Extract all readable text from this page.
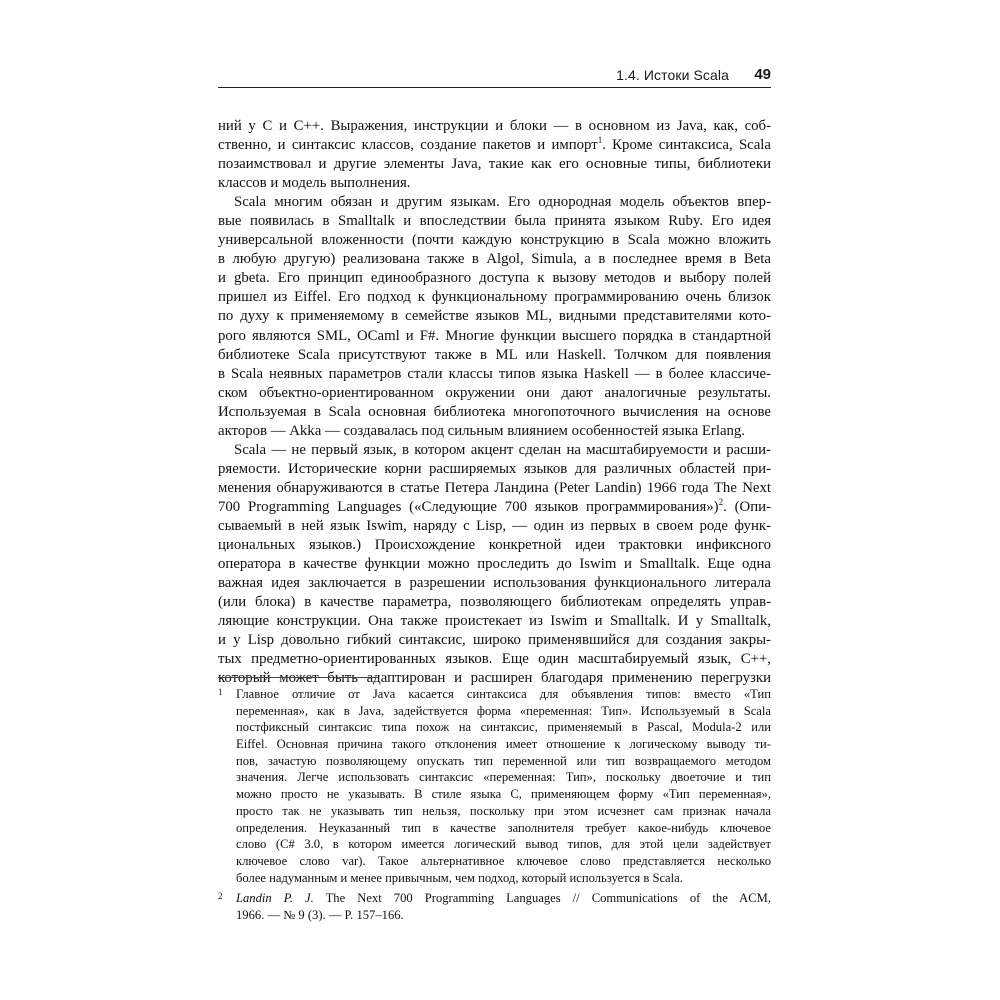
1.4. Истоки Scala 49
ний у C и C++. Выражения, инструкции и блоки — в основном из Java, как, соб-
ственно, и синтаксис классов, создание пакетов и импорт$^1$. Кроме синтаксиса, Scala
позаимствовал и другие элементы Java, такие как его основные типы, библиотеки
классов и модель выполнения.
Scala многим обязан и другим языкам. Его однородная модель объектов впер-
вые появилась в Smalltalk и впоследствии была принята языком Ruby. Его идея
универсальной вложенности (почти каждую конструкцию в Scala можно вложить
в любую другую) реализована также в Algol, Simula, а в последнее время в Beta
и gbeta. Его принцип единообразного доступа к вызову методов и выбору полей
пришел из Eiffel. Его подход к функциональному программированию очень близок
по духу к применяемому в семействе языков ML, видными представителями кото-
рого являются SML, OCaml и F#. Многие функции высшего порядка в стандартной
библиотеке Scala присутствуют также в ML или Haskell. Толчком для появления
в Scala неявных параметров стали классы типов языка Haskell — в более классиче-
ском объектно-ориентированном окружении они дают аналогичные результаты.
Используемая в Scala основная библиотека многопоточного вычисления на основе
акторов — Akka — создавалась под сильным влиянием особенностей языка Erlang.
Scala — не первый язык, в котором акцент сделан на масштабируемости и расши-
ряемости. Исторические корни расширяемых языков для различных областей при-
менения обнаруживаются в статье Петера Ландина (Peter Landin) 1966 года The Next
700 Programming Languages («Следующие 700 языков программирования»)$^2$. (Опи-
сываемый в ней язык Iswim, наряду с Lisp, — один из первых в своем роде функ-
циональных языков.) Происхождение конкретной идеи трактовки инфиксного
оператора в качестве функции можно проследить до Iswim и Smalltalk. Еще одна
важная идея заключается в разрешении использования функционального литерала
(или блока) в качестве параметра, позволяющего библиотекам определять управ-
ляющие конструкции. Она также проистекает из Iswim и Smalltalk. И у Smalltalk,
и у Lisp довольно гибкий синтаксис, широко применявшийся для создания закры-
тых предметно-ориентированных языков. Еще один масштабируемый язык, C++,
который может быть адаптирован и расширен благодаря применению перегрузки
1 Главное отличие от Java касается синтаксиса для объявления типов: вместо «Тип
переменная», как в Java, задействуется форма «переменная: Тип». Используемый в Scala
постфиксный синтаксис типа похож на синтаксис, применяемый в Pascal, Modula-2 или
Eiffel. Основная причина такого отклонения имеет отношение к логическому выводу ти-
пов, зачастую позволяющему опускать тип переменной или тип возвращаемого методом
значения. Легче использовать синтаксис «переменная: Тип», поскольку двоеточие и тип
можно просто не указывать. В стиле языка C, применяющем форму «Тип переменная»,
просто так не указывать тип нельзя, поскольку при этом исчезнет сам признак начала
определения. Неуказанный тип в качестве заполнителя требует какое-нибудь ключевое
слово (C# 3.0, в котором имеется логический вывод типов, для этой цели задействует
ключевое слово var). Такое альтернативное ключевое слово представляется несколько
более надуманным и менее привычным, чем подход, который используется в Scala.
2 Landin P. J. The Next 700 Programming Languages // Communications of the ACM,
1966. — № 9 (3). — P. 157–166.
